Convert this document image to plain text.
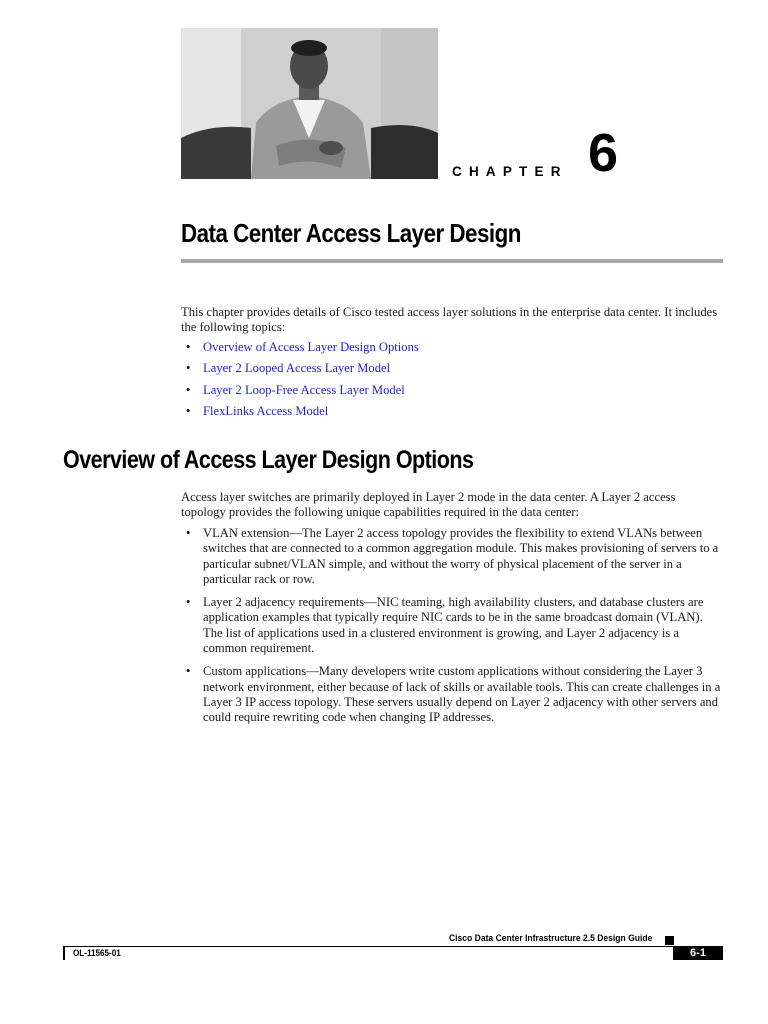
CHAPTER 6
Data Center Access Layer Design
This chapter provides details of Cisco tested access layer solutions in the enterprise data center. It includes the following topics:
• Overview of Access Layer Design Options
• Layer 2 Looped Access Layer Model
• Layer 2 Loop-Free Access Layer Model
• FlexLinks Access Model
Overview of Access Layer Design Options
Access layer switches are primarily deployed in Layer 2 mode in the data center. A Layer 2 access topology provides the following unique capabilities required in the data center:
• VLAN extension—The Layer 2 access topology provides the flexibility to extend VLANs between switches that are connected to a common aggregation module. This makes provisioning of servers to a particular subnet/VLAN simple, and without the worry of physical placement of the server in a particular rack or row.
• Layer 2 adjacency requirements—NIC teaming, high availability clusters, and database clusters are application examples that typically require NIC cards to be in the same broadcast domain (VLAN). The list of applications used in a clustered environment is growing, and Layer 2 adjacency is a common requirement.
• Custom applications—Many developers write custom applications without considering the Layer 3 network environment, either because of lack of skills or available tools. This can create challenges in a Layer 3 IP access topology. These servers usually depend on Layer 2 adjacency with other servers and could require rewriting code when changing IP addresses.
Cisco Data Center Infrastructure 2.5 Design Guide
OL-11565-01	6-1
